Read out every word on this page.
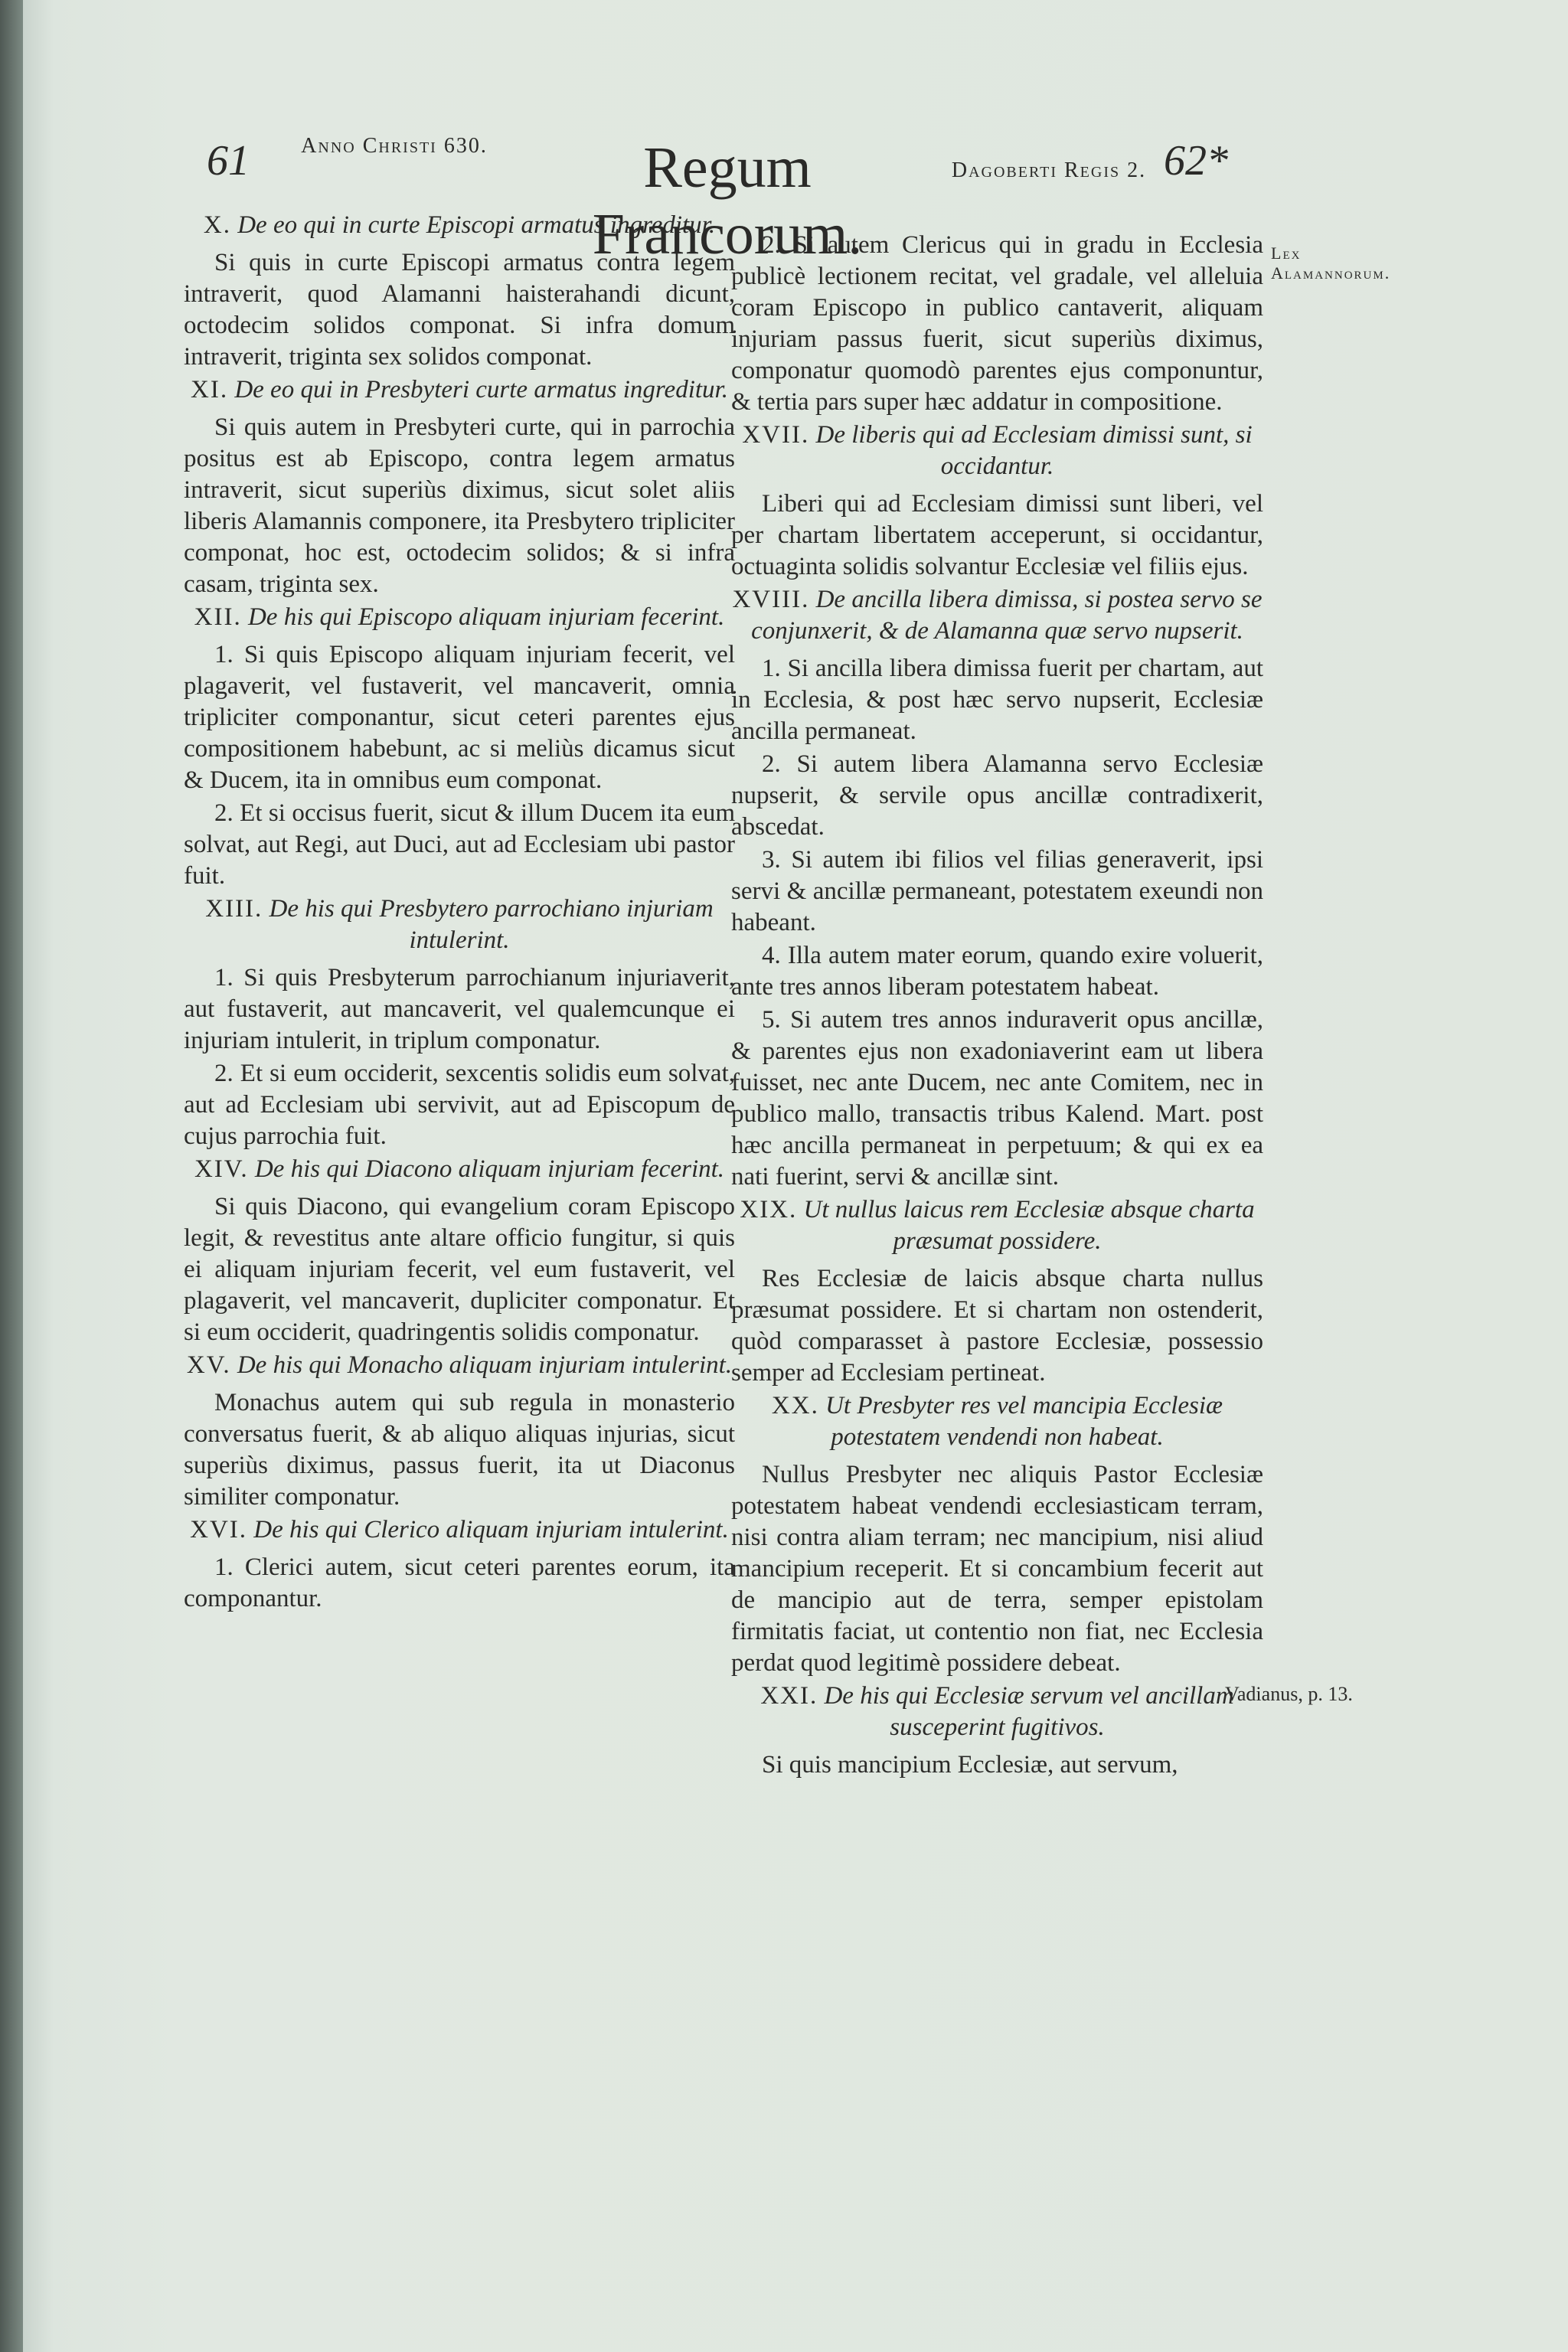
61	Anno Christi 630.	Regum Francorum.
Dagoberti Regis 2. 62*
X. De eo qui in curte Episcopi armatus ingreditur.
Si quis in curte Episcopi armatus contra legem intraverit, quod Alamanni haisterahandi dicunt, octodecim solidos componat. Si infra domum intraverit, triginta sex solidos componat.
XI. De eo qui in Presbyteri curte armatus ingreditur.
Si quis autem in Presbyteri curte, qui in parrochia positus est ab Episcopo, contra legem armatus intraverit, sicut superiùs diximus, sicut solet aliis liberis Alamannis componere, ita Presbytero tripliciter componat, hoc est, octodecim solidos; & si infra casam, triginta sex.
XII. De his qui Episcopo aliquam injuriam fecerint.
1. Si quis Episcopo aliquam injuriam fecerit, vel plagaverit, vel fustaverit, vel mancaverit, omnia tripliciter componantur, sicut ceteri parentes ejus compositionem habebunt, ac si meliùs dicamus sicut & Ducem, ita in omnibus eum componat.
2. Et si occisus fuerit, sicut & illum Ducem ita eum solvat, aut Regi, aut Duci, aut ad Ecclesiam ubi pastor fuit.
XIII. De his qui Presbytero parrochiano injuriam intulerint.
1. Si quis Presbyterum parrochianum injuriaverit, aut fustaverit, aut mancaverit, vel qualemcunque ei injuriam intulerit, in triplum componatur.
2. Et si eum occiderit, sexcentis solidis eum solvat, aut ad Ecclesiam ubi servivit, aut ad Episcopum de cujus parrochia fuit.
XIV. De his qui Diacono aliquam injuriam fecerint.
Si quis Diacono, qui evangelium coram Episcopo legit, & revestitus ante altare officio fungitur, si quis ei aliquam injuriam fecerit, vel eum fustaverit, vel plagaverit, vel mancaverit, dupliciter componatur. Et si eum occiderit, quadringentis solidis componatur.
XV. De his qui Monacho aliquam injuriam intulerint.
Monachus autem qui sub regula in monasterio conversatus fuerit, & ab aliquo aliquas injurias, sicut superiùs diximus, passus fuerit, ita ut Diaconus similiter componatur.
XVI. De his qui Clerico aliquam injuriam intulerint.
1. Clerici autem, sicut ceteri parentes eorum, ita componantur.
2. Si autem Clericus qui in gradu in Ecclesia publicè lectionem recitat, vel gradale, vel alleluia coram Episcopo in publico cantaverit, aliquam injuriam passus fuerit, sicut superiùs diximus, componatur quomodò parentes ejus componuntur, & tertia pars super hæc addatur in compositione.
XVII. De liberis qui ad Ecclesiam dimissi sunt, si occidantur.
Liberi qui ad Ecclesiam dimissi sunt liberi, vel per chartam libertatem acceperunt, si occidantur, octuaginta solidis solvantur Ecclesiæ vel filiis ejus.
XVIII. De ancilla libera dimissa, si postea servo se conjunxerit, & de Alamanna quæ servo nupserit.
1. Si ancilla libera dimissa fuerit per chartam, aut in Ecclesia, & post hæc servo nupserit, Ecclesiæ ancilla permaneat.
2. Si autem libera Alamanna servo Ecclesiæ nupserit, & servile opus ancillæ contradixerit, abscedat.
3. Si autem ibi filios vel filias generaverit, ipsi servi & ancillæ permaneant, potestatem exeundi non habeant.
4. Illa autem mater eorum, quando exire voluerit, ante tres annos liberam potestatem habeat.
5. Si autem tres annos induraverit opus ancillæ, & parentes ejus non exadoniaverint eam ut libera fuisset, nec ante Ducem, nec ante Comitem, nec in publico mallo, transactis tribus Kalend. Mart. post hæc ancilla permaneat in perpetuum; & qui ex ea nati fuerint, servi & ancillæ sint.
XIX. Ut nullus laicus rem Ecclesiæ absque charta præsumat possidere.
Res Ecclesiæ de laicis absque charta nullus præsumat possidere. Et si chartam non ostenderit, quòd comparasset à pastore Ecclesiæ, possessio semper ad Ecclesiam pertineat.
XX. Ut Presbyter res vel mancipia Ecclesiæ potestatem vendendi non habeat.
Nullus Presbyter nec aliquis Pastor Ecclesiæ potestatem habeat vendendi ecclesiasticam terram, nisi contra aliam terram; nec mancipium, nisi aliud mancipium receperit. Et si concambium fecerit aut de mancipio aut de terra, semper epistolam firmitatis faciat, ut contentio non fiat, nec Ecclesia perdat quod legitimè possidere debeat.
XXI. De his qui Ecclesiæ servum vel ancillam susceperint fugitivos.
Si quis mancipium Ecclesiæ, aut servum,
Lex Alamannorum.
Vadianus, p. 13.
